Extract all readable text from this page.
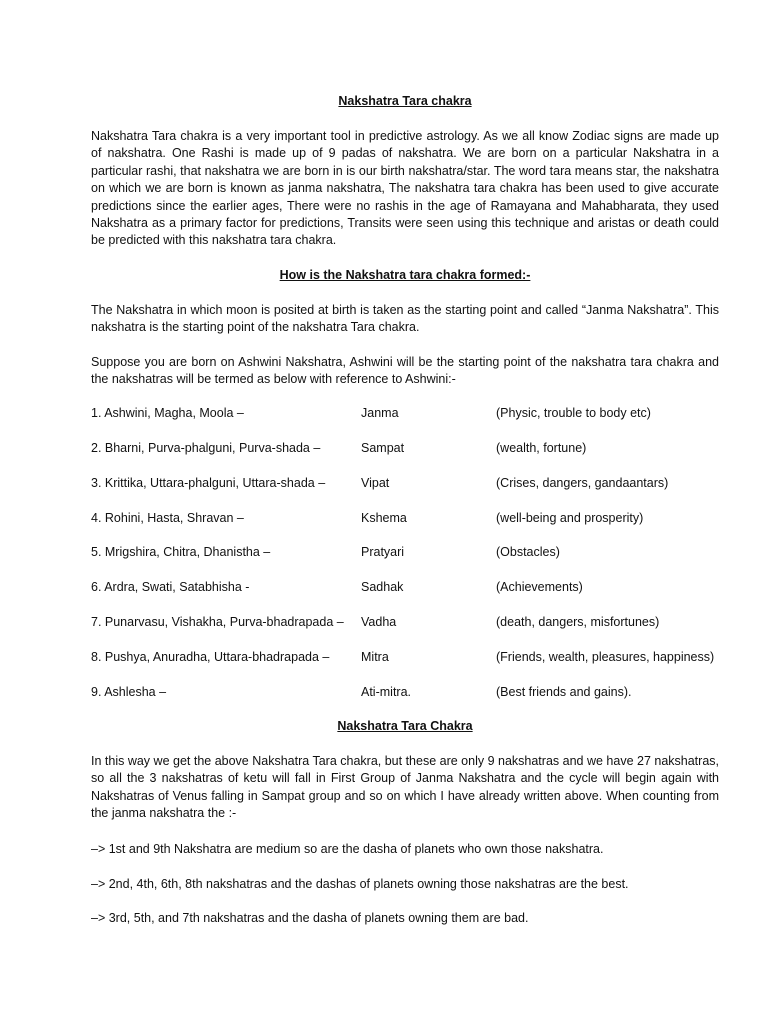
Nakshatra Tara chakra

Nakshatra Tara chakra is a very important tool in predictive astrology. As we all know Zodiac signs are made up of nakshatra. One Rashi is made up of 9 padas of nakshatra. We are born on a particular Nakshatra in a particular rashi, that nakshatra we are born in is our birth nakshatra/star. The word tara means star, the nakshatra on which we are born is known as janma nakshatra, The nakshatra tara chakra has been used to give accurate predictions since the earlier ages, There were no rashis in the age of Ramayana and Mahabharata, they used Nakshatra as a primary factor for predictions, Transits were seen using this technique and aristas or death could be predicted with this nakshatra tara chakra.

How is the Nakshatra tara chakra formed:-

The Nakshatra in which moon is posited at birth is taken as the starting point and called “Janma Nakshatra”. This nakshatra is the starting point of the nakshatra Tara chakra.

Suppose you are born on Ashwini Nakshatra, Ashwini will be the starting point of the nakshatra tara chakra and the nakshatras will be termed as below with reference to Ashwini:-

1. Ashwini, Magha, Moola –	Janma	(Physic, trouble to body etc)
2. Bharni, Purva-phalguni, Purva-shada –	Sampat	(wealth, fortune)
3. Krittika, Uttara-phalguni, Uttara-shada –	Vipat	(Crises, dangers, gandaantars)
4. Rohini, Hasta, Shravan –	Kshema	(well-being and prosperity)
5. Mrigshira, Chitra, Dhanistha –	Pratyari	(Obstacles)
6. Ardra, Swati, Satabhisha -	Sadhak	(Achievements)
7. Punarvasu, Vishakha, Purva-bhadrapada – Vadha	(death, dangers, misfortunes)
8. Pushya, Anuradha, Uttara-bhadrapada –	Mitra	(Friends, wealth, pleasures, happiness)
9. Ashlesha –	Ati-mitra.	(Best friends and gains).
Nakshatra Tara Chakra

In this way we get the above Nakshatra Tara chakra, but these are only 9 nakshatras and we have 27 nakshatras, so all the 3 nakshatras of ketu will fall in First Group of Janma Nakshatra and the cycle will begin again with Nakshatras of Venus falling in Sampat group and so on which I have already written above. When counting from the janma nakshatra the :-

–> 1st and 9th Nakshatra are medium so are the dasha of planets who own those nakshatra.
–> 2nd, 4th, 6th, 8th nakshatras and the dashas of planets owning those nakshatras are the best.
–> 3rd, 5th, and 7th nakshatras and the dasha of planets owning them are bad.
